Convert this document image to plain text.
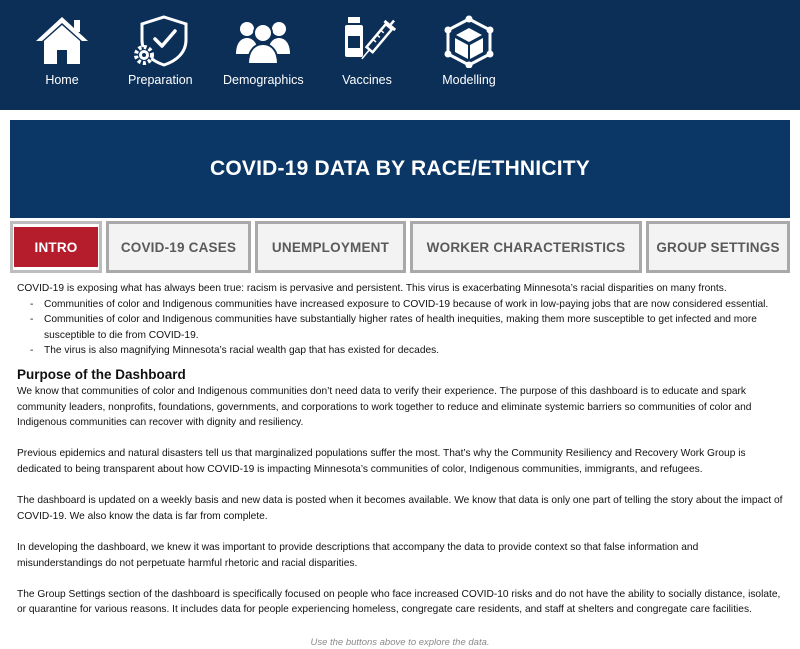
Home	Preparation Demographics	Vaccines	Modelling
COVID-19 DATA BY RACE/ETHNICITY
INTRO	COVID-19 CASES	UNEMPLOYMENT	WORKER CHARACTERISTICS GROUP SETTINGS

COVID-19 is exposing what has always been true: racism is pervasive and persistent. This virus is exacerbating Minnesota’s racial disparities on many fronts.

- Communities of color and Indigenous communities have increased exposure to COVID-19 because of work in low-paying jobs that are now considered essential.
- Communities of color and Indigenous communities have substantially higher rates of health inequities, making them more susceptible to get infected and more susceptible to die from COVID-19.
- The virus is also magnifying Minnesota’s racial wealth gap that has existed for decades.
Purpose of the Dashboard

We know that communities of color and Indigenous communities don’t need data to verify their experience. The purpose of this dashboard is to educate and spark community leaders, nonprofits, foundations, governments, and corporations to work together to reduce and eliminate systemic barriers so communities of color and Indigenous communities can recover with dignity and resiliency.

Previous epidemics and natural disasters tell us that marginalized populations suffer the most. That’s why the Community Resiliency and Recovery Work Group is dedicated to being transparent about how COVID-19 is impacting Minnesota’s communities of color, Indigenous communities, immigrants, and refugees.

The dashboard is updated on a weekly basis and new data is posted when it becomes available. We know that data is only one part of telling the story about the impact of COVID-19. We also know the data is far from complete.

In developing the dashboard, we knew it was important to provide descriptions that accompany the data to provide context so that false information and misunderstandings do not perpetuate harmful rhetoric and racial disparities.

The Group Settings section of the dashboard is specifically focused on people who face increased COVID-10 risks and do not have the ability to socially distance, isolate, or quarantine for various reasons. It includes data for people experiencing homeless, congregate care residents, and staff at shelters and congregate care facilities.

Use the buttons above to explore the data.
